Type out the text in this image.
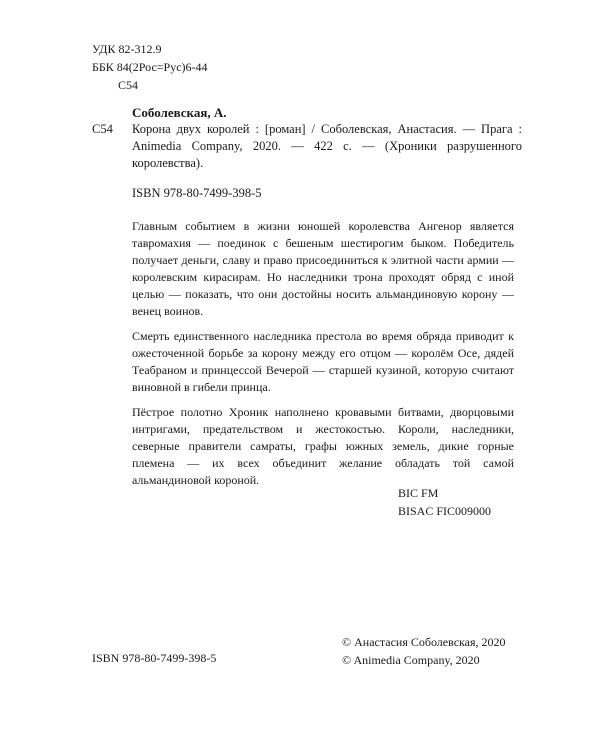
УДК 82-312.9
ББК 84(2Рос=Рус)6-44
С54
Соболевская, А.
С54	Корона двух королей : [роман] / Соболевская, Анастасия. — Прага : Animedia Company, 2020. — 422 с. — (Хроники разрушенного королевства).
ISBN 978-80-7499-398-5

Главным событием в жизни юношей королевства Ангенор является тавромахия — поединок с бешеным шестирогим быком. Победитель получает деньги, славу и право присоединиться к элитной части армии — королевским кирасирам. Но наследники трона проходят обряд с иной целью — показать, что они достойны носить альмандиновую корону — венец воинов.

Смерть единственного наследника престола во время обряда приводит к ожесточенной борьбе за корону между его отцом — королём Осе, дядей Теабраном и принцессой Вечерой — старшей кузиной, которую считают виновной в гибели принца.

Пёстрое полотно Хроник наполнено кровавыми битвами, дворцовыми интригами, предательством и жестокостью. Короли, наследники, северные правители самраты, графы южных земель, дикие горные племена — их всех объединит желание обладать той самой альмандиновой короной.

BIC FM
BISAC FIC009000
ISBN 978-80-7499-398-5
© Анастасия Соболевская, 2020
© Animedia Company, 2020
